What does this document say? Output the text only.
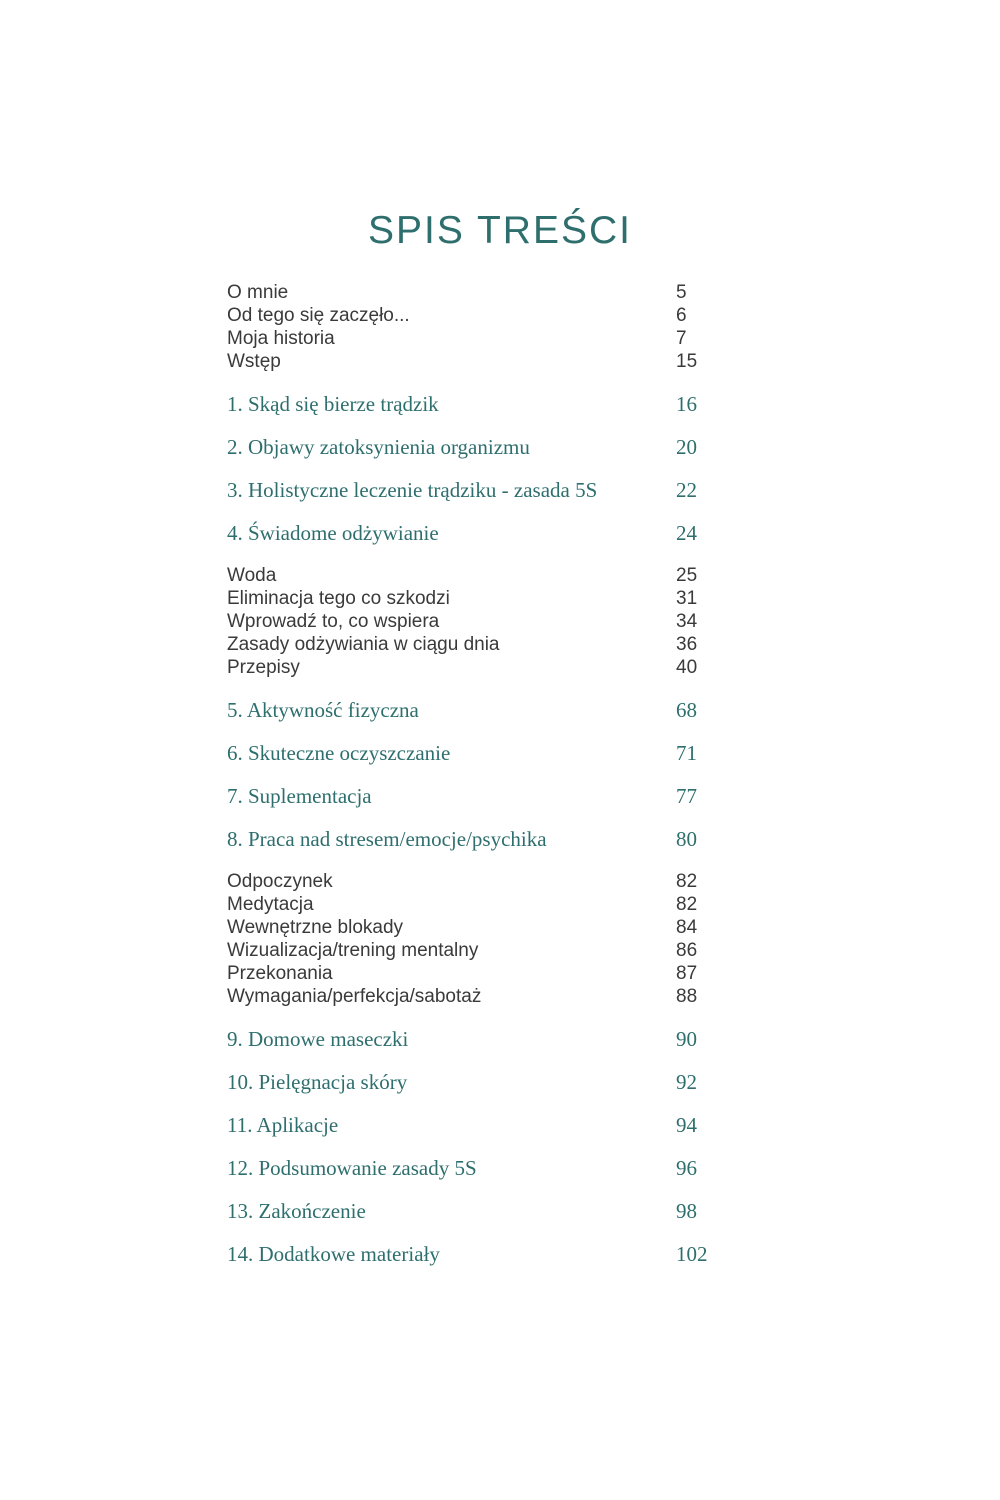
SPIS TREŚCI
O mnie	5
Od tego się zaczęło...	6
Moja historia	7
Wstęp	15
1. Skąd się bierze trądzik	16
2. Objawy zatoksynienia organizmu	20
3. Holistyczne leczenie trądziku - zasada 5S	22
4. Świadome odżywianie	24
Woda	25
Eliminacja tego co szkodzi	31
Wprowadź to, co wspiera	34
Zasady odżywiania w ciągu dnia	36
Przepisy	40
5. Aktywność fizyczna	68
6. Skuteczne oczyszczanie	71
7. Suplementacja	77
8. Praca nad stresem/emocje/psychika	80
Odpoczynek	82
Medytacja	82
Wewnętrzne blokady	84
Wizualizacja/trening mentalny	86
Przekonania	87
Wymagania/perfekcja/sabotaż	88
9. Domowe maseczki	90
10. Pielęgnacja skóry	92
11. Aplikacje	94
12. Podsumowanie zasady 5S	96
13. Zakończenie	98
14. Dodatkowe materiały	102
